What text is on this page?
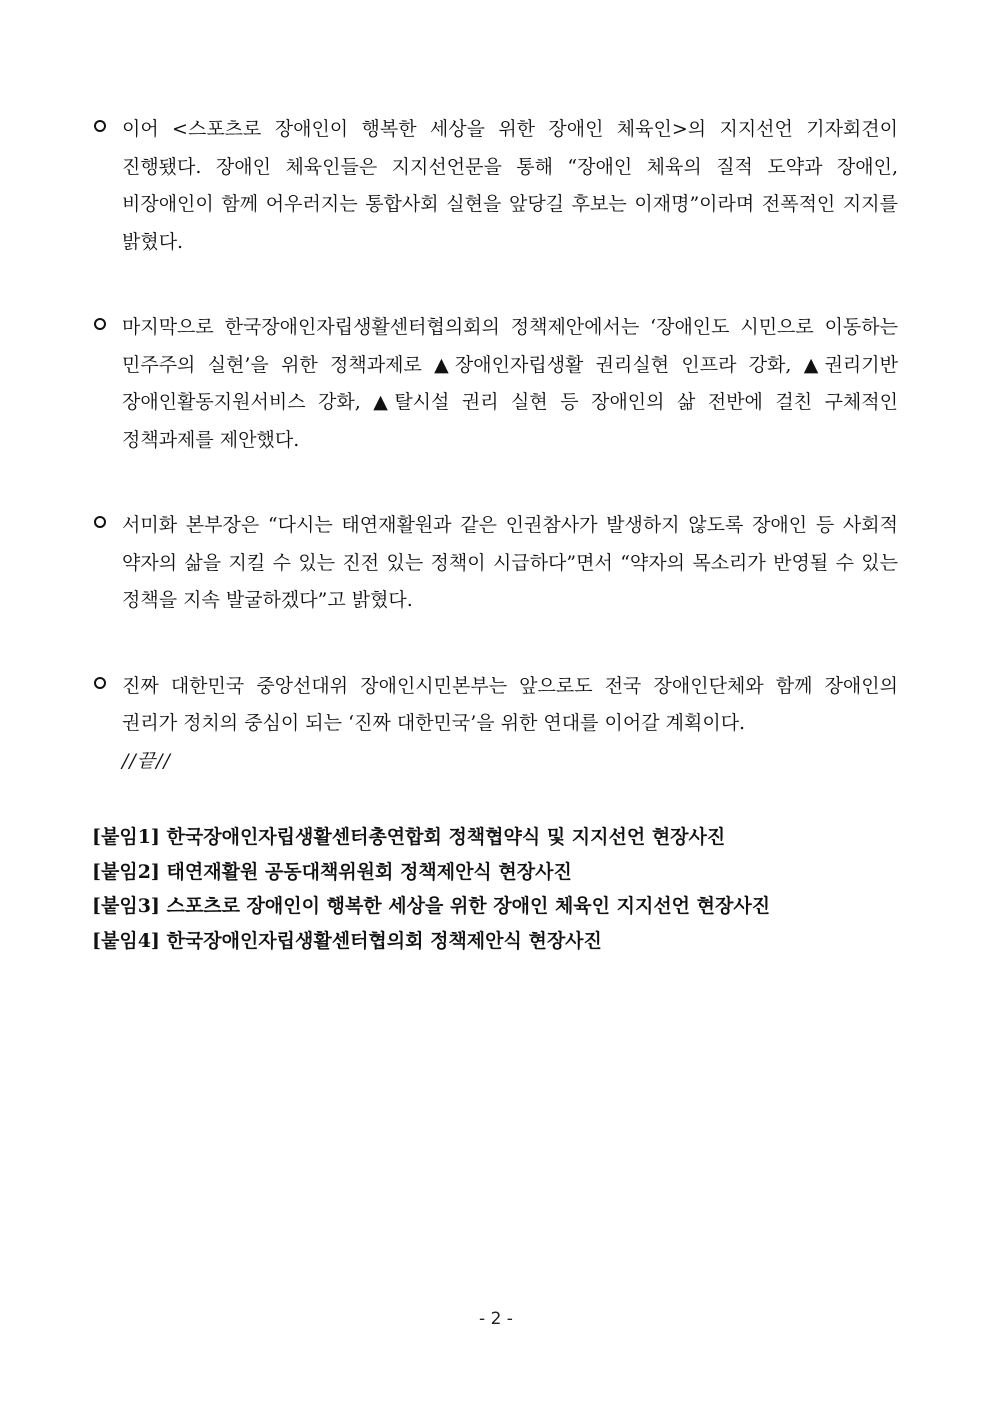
이어 <스포츠로 장애인이 행복한 세상을 위한 장애인 체육인>의 지지선언 기자회견이 진행됐다. 장애인 체육인들은 지지선언문을 통해 “장애인 체육의 질적 도약과 장애인, 비장애인이 함께 어우러지는 통합사회 실현을 앞당길 후보는 이재명”이라며 전폭적인 지지를 밝혔다.
마지막으로 한국장애인자립생활센터협의회의 정책제안에서는 ‘장애인도 시민으로 이동하는 민주주의 실현’을 위한 정책과제로 ▲장애인자립생활 권리실현 인프라 강화, ▲권리기반 장애인활동지원서비스 강화, ▲탈시설 권리 실현 등 장애인의 삶 전반에 걸친 구체적인 정책과제를 제안했다.
서미화 본부장은 “다시는 태연재활원과 같은 인권참사가 발생하지 않도록 장애인 등 사회적 약자의 삶을 지킬 수 있는 진전 있는 정책이 시급하다”면서 “약자의 목소리가 반영될 수 있는 정책을 지속 발굴하겠다”고 밝혔다.
진짜 대한민국 중앙선대위 장애인시민본부는 앞으로도 전국 장애인단체와 함께 장애인의 권리가 정치의 중심이 되는 ‘진짜 대한민국’을 위한 연대를 이어갈 계획이다.
//끝//
[붙임1] 한국장애인자립생활센터총연합회 정책협약식 및 지지선언 현장사진
[붙임2] 태연재활원 공동대책위원회 정책제안식 현장사진
[붙임3] 스포츠로 장애인이 행복한 세상을 위한 장애인 체육인 지지선언 현장사진
[붙임4] 한국장애인자립생활센터협의회 정책제안식 현장사진
- 2 -
